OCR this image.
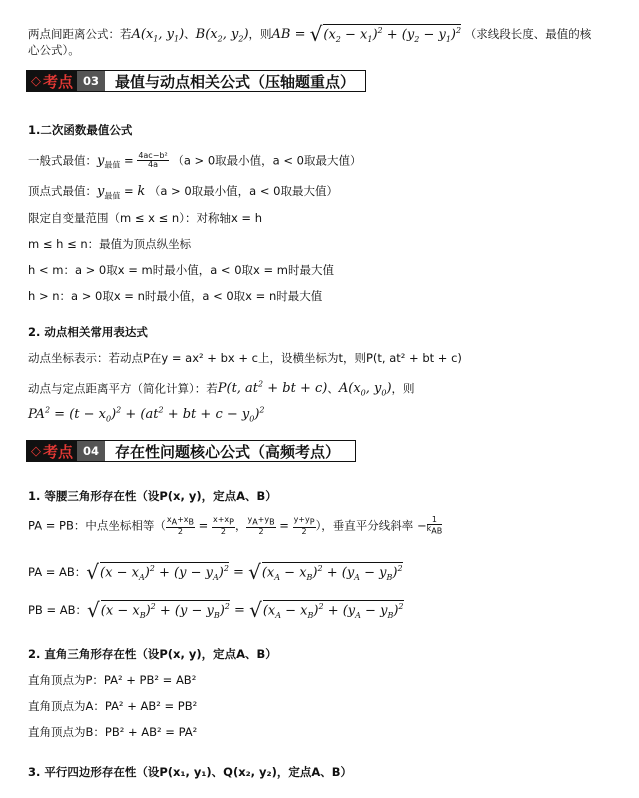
两点间距离公式：若$A(x_1$, $y_1$)、$B(x_2$, $y_2$)，则AB = $√(x_2 - x_1)^2 + (y_2 - y_1)^2$ （求线段长度、最值的核
心公式）。
◇ 考点 03	最值与动点相关公式（压轴题重点）
1.二次函数最值公式
一般式最值：$y_{最值} = \frac{\text{4ac−b²}}{4a} (a > 0$取最小值，a < 0取最大值）
顶点式最值：$y_{最值} = k$ （a > 0取最小值，a < 0取最大值）
限定自变量范围（m ≤ x ≤ n）：对称轴x = h
m ≤ h ≤ n：最值为顶点纵坐标
h < m：a > 0取x = m时最小值，a < 0取x = m时最大值
h > n：a > 0取x = n时最小值，a < 0取x = n时最大值
2. 动点相关常用表达式
动点坐标表示：若动点P在y = ax² + bx + c上，设横坐标为t，则P(t, at² + bt + c)
动点与定点距离平方（简化计算）：若P(t, $at^2$ + bt + c)、$A(x_0$, $y_0$)，则
$PA^2 = (t - x_0)^2 + (at^2$ + bt + $c - y_0)^2$
◇ 考点 04	存在性问题核心公式（高频考点）
1. 等腰三角形存在性（设P(x, y)，定点A、B）
PA = PB：中点坐标相等（ $\frac{x_A+x_B}{2} = \frac{x+x_P}{2}$ ， $\frac{y_A+y_B}{2} = \frac{y+y_P}{2}$ ），垂直平分线斜率 − $\frac{1}{k_{AB}}$
PA = AB：$√(x - x_A)^2 + (y - y_A)^2 = √(x_A - x_B)^2 + (y_A - y_B)^2$
PB = AB：$√(x - x_B)^2 + (y - y_B)^2 = √(x_A - x_B)^2 + (y_A - y_B)^2$
2. 直角三角形存在性（设P(x, y)，定点A、B）
直角顶点为P：PA² + PB² = AB²
直角顶点为A：PA² + AB² = PB²
直角顶点为B：PB² + AB² = PA²
3. 平行四边形存在性（设P(x₁, y₁)、Q(x₂, y₂)，定点A、B）
